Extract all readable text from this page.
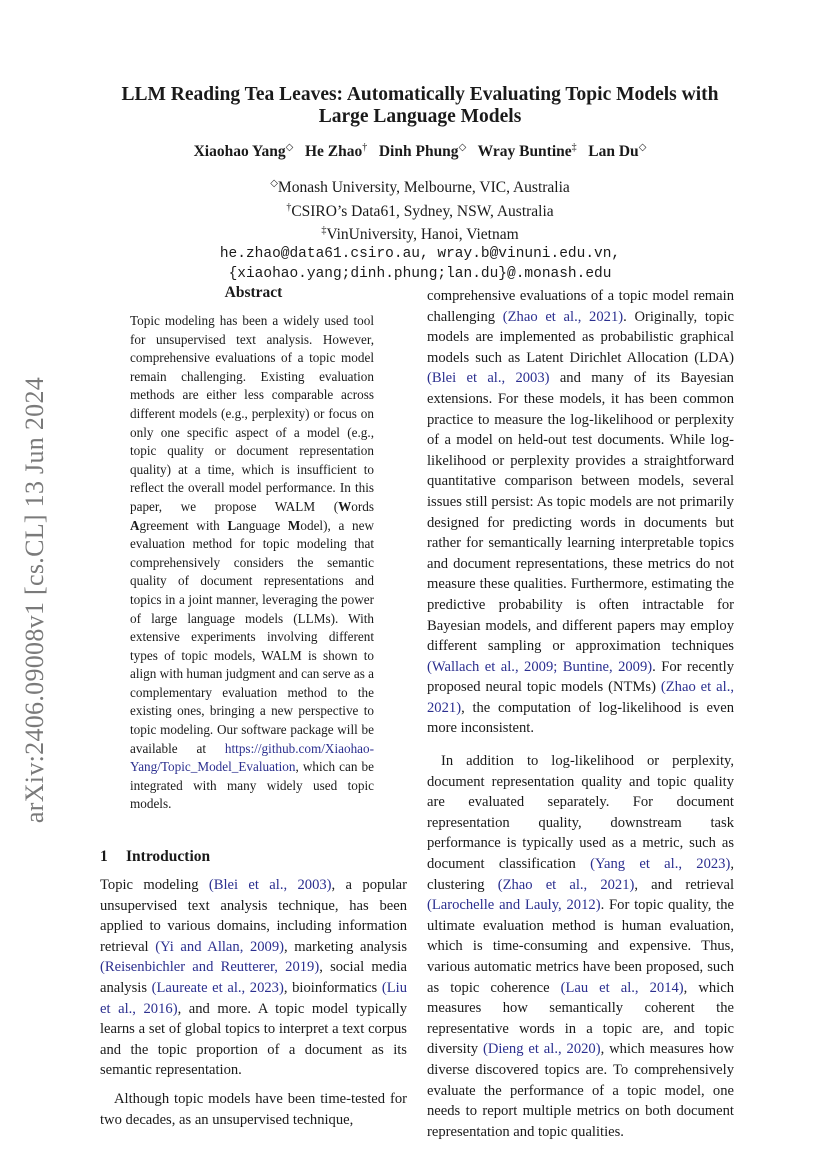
arXiv:2406.09008v1 [cs.CL] 13 Jun 2024
LLM Reading Tea Leaves: Automatically Evaluating Topic Models with
Large Language Models
Xiaohao Yang◇ He Zhao† Dinh Phung◇ Wray Buntine‡ Lan Du◇
◇Monash University, Melbourne, VIC, Australia
†CSIRO’s Data61, Sydney, NSW, Australia
‡VinUniversity, Hanoi, Vietnam
he.zhao@data61.csiro.au, wray.b@vinuni.edu.vn,
{xiaohao.yang;dinh.phung;lan.du}@.monash.edu
Abstract
Topic modeling has been a widely used tool for unsupervised text analysis. However, comprehensive evaluations of a topic model remain challenging. Existing evaluation methods are either less comparable across different models (e.g., perplexity) or focus on only one specific aspect of a model (e.g., topic quality or document representation quality) at a time, which is insufficient to reflect the overall model performance. In this paper, we propose WALM (Words Agreement with Language Model), a new evaluation method for topic modeling that comprehensively considers the semantic quality of document representations and topics in a joint manner, leveraging the power of large language models (LLMs). With extensive experiments involving different types of topic models, WALM is shown to align with human judgment and can serve as a complementary evaluation method to the existing ones, bringing a new perspective to topic modeling. Our software package will be available at https://github.com/Xiaohao-Yang/Topic_Model_Evaluation, which can be integrated with many widely used topic models.
1 Introduction

Topic modeling (Blei et al., 2003), a popular unsupervised text analysis technique, has been applied to various domains, including information retrieval (Yi and Allan, 2009), marketing analysis (Reisenbichler and Reutterer, 2019), social media analysis (Laureate et al., 2023), bioinformatics (Liu et al., 2016), and more. A topic model typically learns a set of global topics to interpret a text corpus and the topic proportion of a document as its semantic representation.

Although topic models have been time-tested for two decades, as an unsupervised technique,

comprehensive evaluations of a topic model remain challenging (Zhao et al., 2021). Originally, topic models are implemented as probabilistic graphical models such as Latent Dirichlet Allocation (LDA) (Blei et al., 2003) and many of its Bayesian extensions. For these models, it has been common practice to measure the log-likelihood or perplexity of a model on held-out test documents. While log-likelihood or perplexity provides a straightforward quantitative comparison between models, several issues still persist: As topic models are not primarily designed for predicting words in documents but rather for semantically learning interpretable topics and document representations, these metrics do not measure these qualities. Furthermore, estimating the predictive probability is often intractable for Bayesian models, and different papers may employ different sampling or approximation techniques (Wallach et al., 2009; Buntine, 2009). For recently proposed neural topic models (NTMs) (Zhao et al., 2021), the computation of log-likelihood is even more inconsistent.

In addition to log-likelihood or perplexity, document representation quality and topic quality are evaluated separately. For document representation quality, downstream task performance is typically used as a metric, such as document classification (Yang et al., 2023), clustering (Zhao et al., 2021), and retrieval (Larochelle and Lauly, 2012). For topic quality, the ultimate evaluation method is human evaluation, which is time-consuming and expensive. Thus, various automatic metrics have been proposed, such as topic coherence (Lau et al., 2014), which measures how semantically coherent the representative words in a topic are, and topic diversity (Dieng et al., 2020), which measures how diverse discovered topics are. To comprehensively evaluate the performance of a topic model, one needs to report multiple metrics on both document representation and topic qualities.
